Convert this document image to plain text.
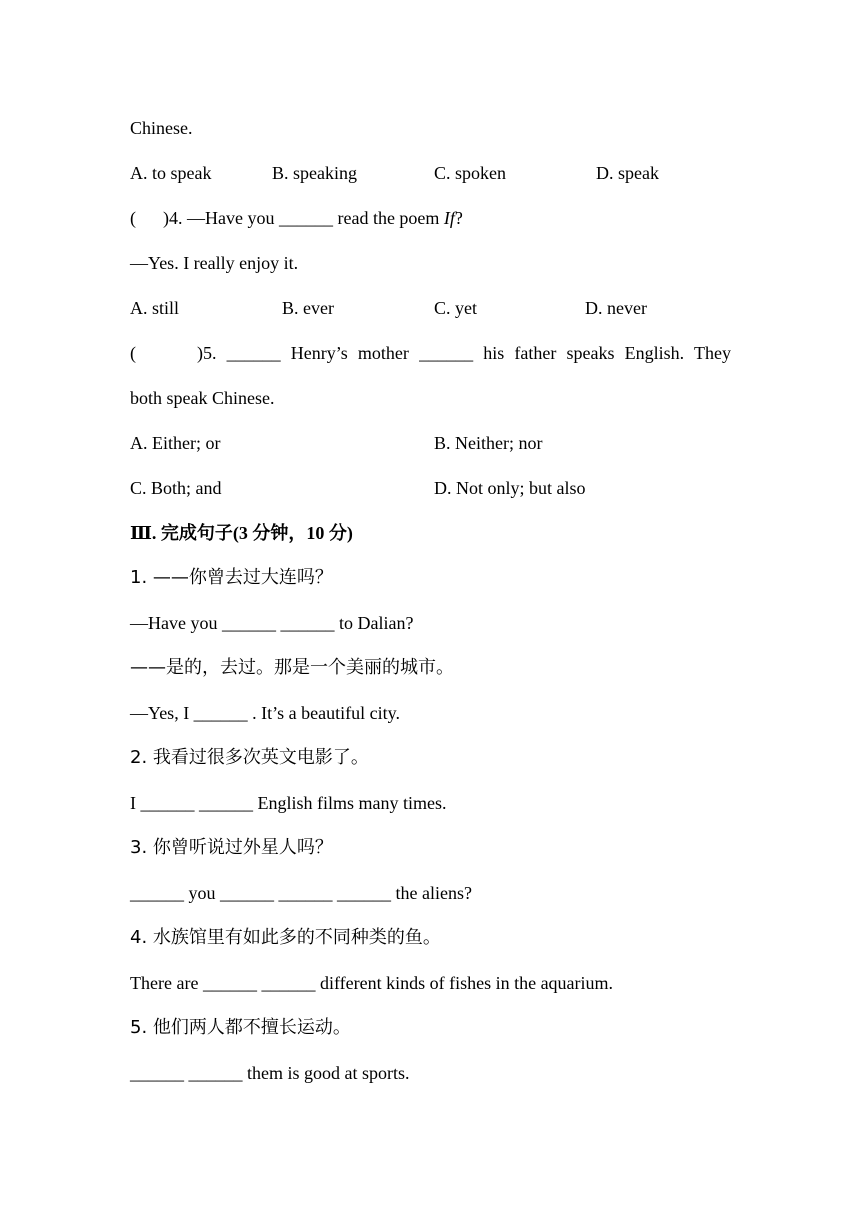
Chinese.
A. to speak	B. speaking	C. spoken	D. speak
(      )4. —Have you ______ read the poem If?
—Yes. I really enjoy it.
A. still	B. ever	C. yet	D. never
(      )5. ______ Henry’s mother ______ his father speaks English. They
both speak Chinese.
A. Either; or	B. Neither; nor
C. Both; and	D. Not only; but also
Ⅲ. 完成句子(3 分钟，10 分)
1. ——你曾去过大连吗？
—Have you ______ ______ to Dalian?
——是的，去过。那是一个美丽的城市。
—Yes, I ______ . It’s a beautiful city.
2. 我看过很多次英文电影了。
I ______ ______ English films many times.
3. 你曾听说过外星人吗？
______ you ______ ______ ______ the aliens?
4. 水族馆里有如此多的不同种类的鱼。
There are ______ ______ different kinds of fishes in the aquarium.
5. 他们两人都不擅长运动。
______ ______ them is good at sports.
